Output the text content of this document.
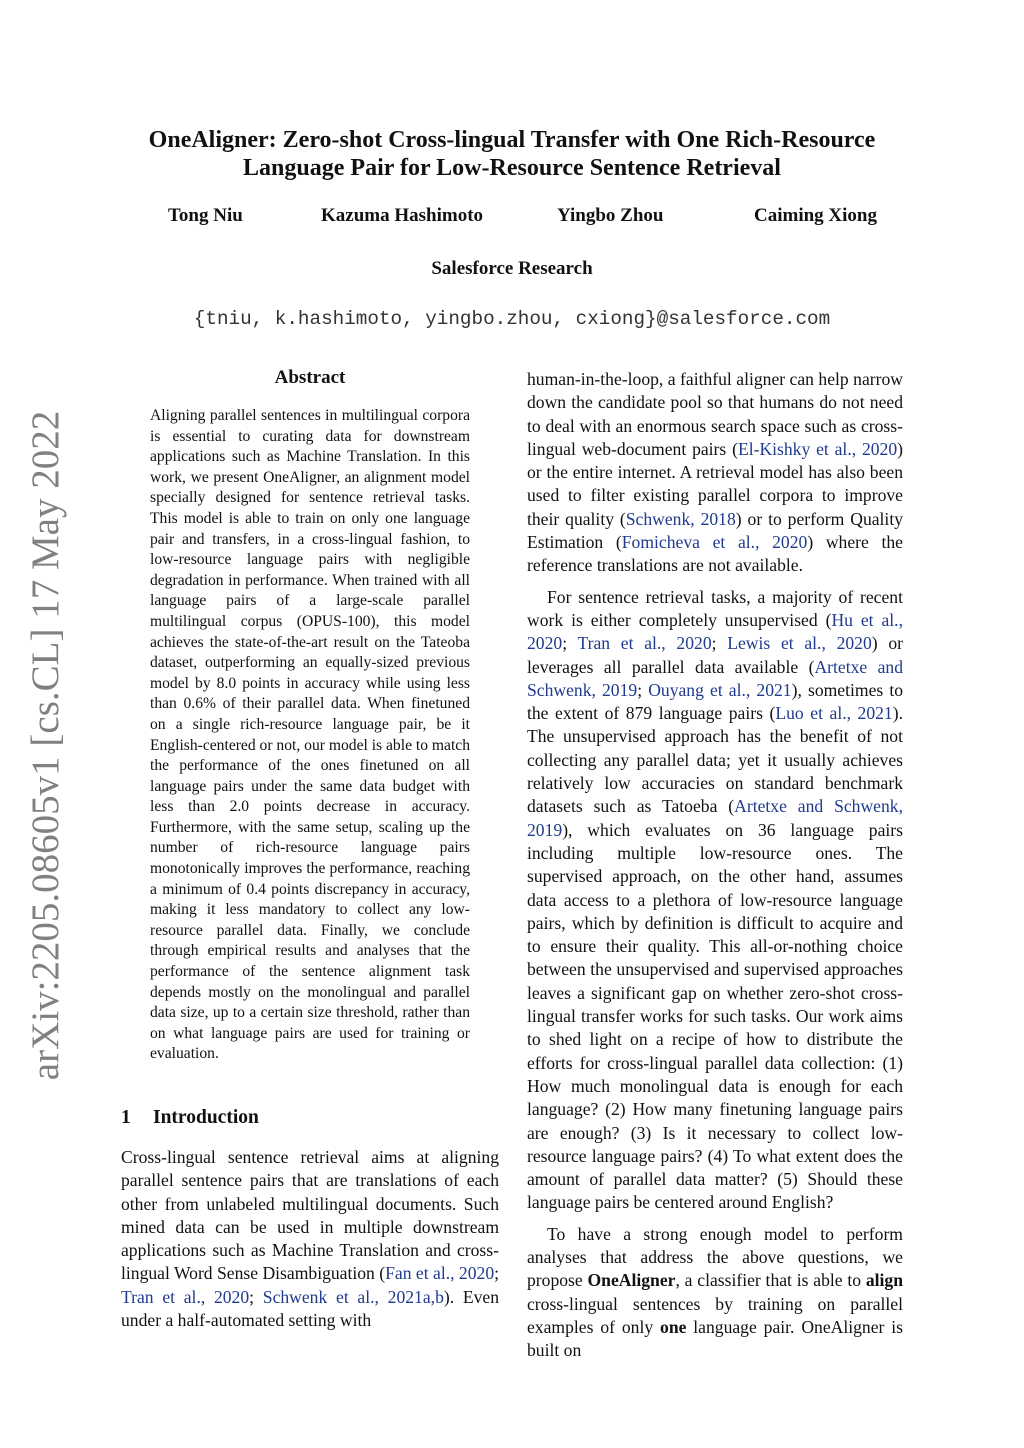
arXiv:2205.08605v1 [cs.CL] 17 May 2022
OneAligner: Zero-shot Cross-lingual Transfer with One Rich-Resource
Language Pair for Low-Resource Sentence Retrieval
Tong Niu	Kazuma Hashimoto	Yingbo Zhou	Caiming Xiong
Salesforce Research
{tniu, k.hashimoto, yingbo.zhou, cxiong}@salesforce.com
Abstract
Aligning parallel sentences in multilingual corpora is essential to curating data for downstream applications such as Machine Translation. In this work, we present OneAligner, an alignment model specially designed for sentence retrieval tasks. This model is able to train on only one language pair and transfers, in a cross-lingual fashion, to low-resource language pairs with negligible degradation in performance. When trained with all language pairs of a large-scale parallel multilingual corpus (OPUS-100), this model achieves the state-of-the-art result on the Tateoba dataset, outperforming an equally-sized previous model by 8.0 points in accuracy while using less than 0.6% of their parallel data. When finetuned on a single rich-resource language pair, be it English-centered or not, our model is able to match the performance of the ones finetuned on all language pairs under the same data budget with less than 2.0 points decrease in accuracy. Furthermore, with the same setup, scaling up the number of rich-resource language pairs monotonically improves the performance, reaching a minimum of 0.4 points discrepancy in accuracy, making it less mandatory to collect any low-resource parallel data. Finally, we conclude through empirical results and analyses that the performance of the sentence alignment task depends mostly on the monolingual and parallel data size, up to a certain size threshold, rather than on what language pairs are used for training or evaluation.
1 Introduction
Cross-lingual sentence retrieval aims at aligning parallel sentence pairs that are translations of each other from unlabeled multilingual documents. Such mined data can be used in multiple downstream applications such as Machine Translation and cross-lingual Word Sense Disambiguation (Fan et al., 2020; Tran et al., 2020; Schwenk et al., 2021a,b). Even under a half-automated setting with

human-in-the-loop, a faithful aligner can help narrow down the candidate pool so that humans do not need to deal with an enormous search space such as cross-lingual web-document pairs (El-Kishky et al., 2020) or the entire internet. A retrieval model has also been used to filter existing parallel corpora to improve their quality (Schwenk, 2018) or to perform Quality Estimation (Fomicheva et al., 2020) where the reference translations are not available.

For sentence retrieval tasks, a majority of recent work is either completely unsupervised (Hu et al., 2020; Tran et al., 2020; Lewis et al., 2020) or leverages all parallel data available (Artetxe and Schwenk, 2019; Ouyang et al., 2021), sometimes to the extent of 879 language pairs (Luo et al., 2021). The unsupervised approach has the benefit of not collecting any parallel data; yet it usually achieves relatively low accuracies on standard benchmark datasets such as Tatoeba (Artetxe and Schwenk, 2019), which evaluates on 36 language pairs including multiple low-resource ones. The supervised approach, on the other hand, assumes data access to a plethora of low-resource language pairs, which by definition is difficult to acquire and to ensure their quality. This all-or-nothing choice between the unsupervised and supervised approaches leaves a significant gap on whether zero-shot cross-lingual transfer works for such tasks. Our work aims to shed light on a recipe of how to distribute the efforts for cross-lingual parallel data collection: (1) How much monolingual data is enough for each language? (2) How many finetuning language pairs are enough? (3) Is it necessary to collect low-resource language pairs? (4) To what extent does the amount of parallel data matter? (5) Should these language pairs be centered around English?

To have a strong enough model to perform analyses that address the above questions, we propose OneAligner, a classifier that is able to align cross-lingual sentences by training on parallel examples of only one language pair. OneAligner is built on
